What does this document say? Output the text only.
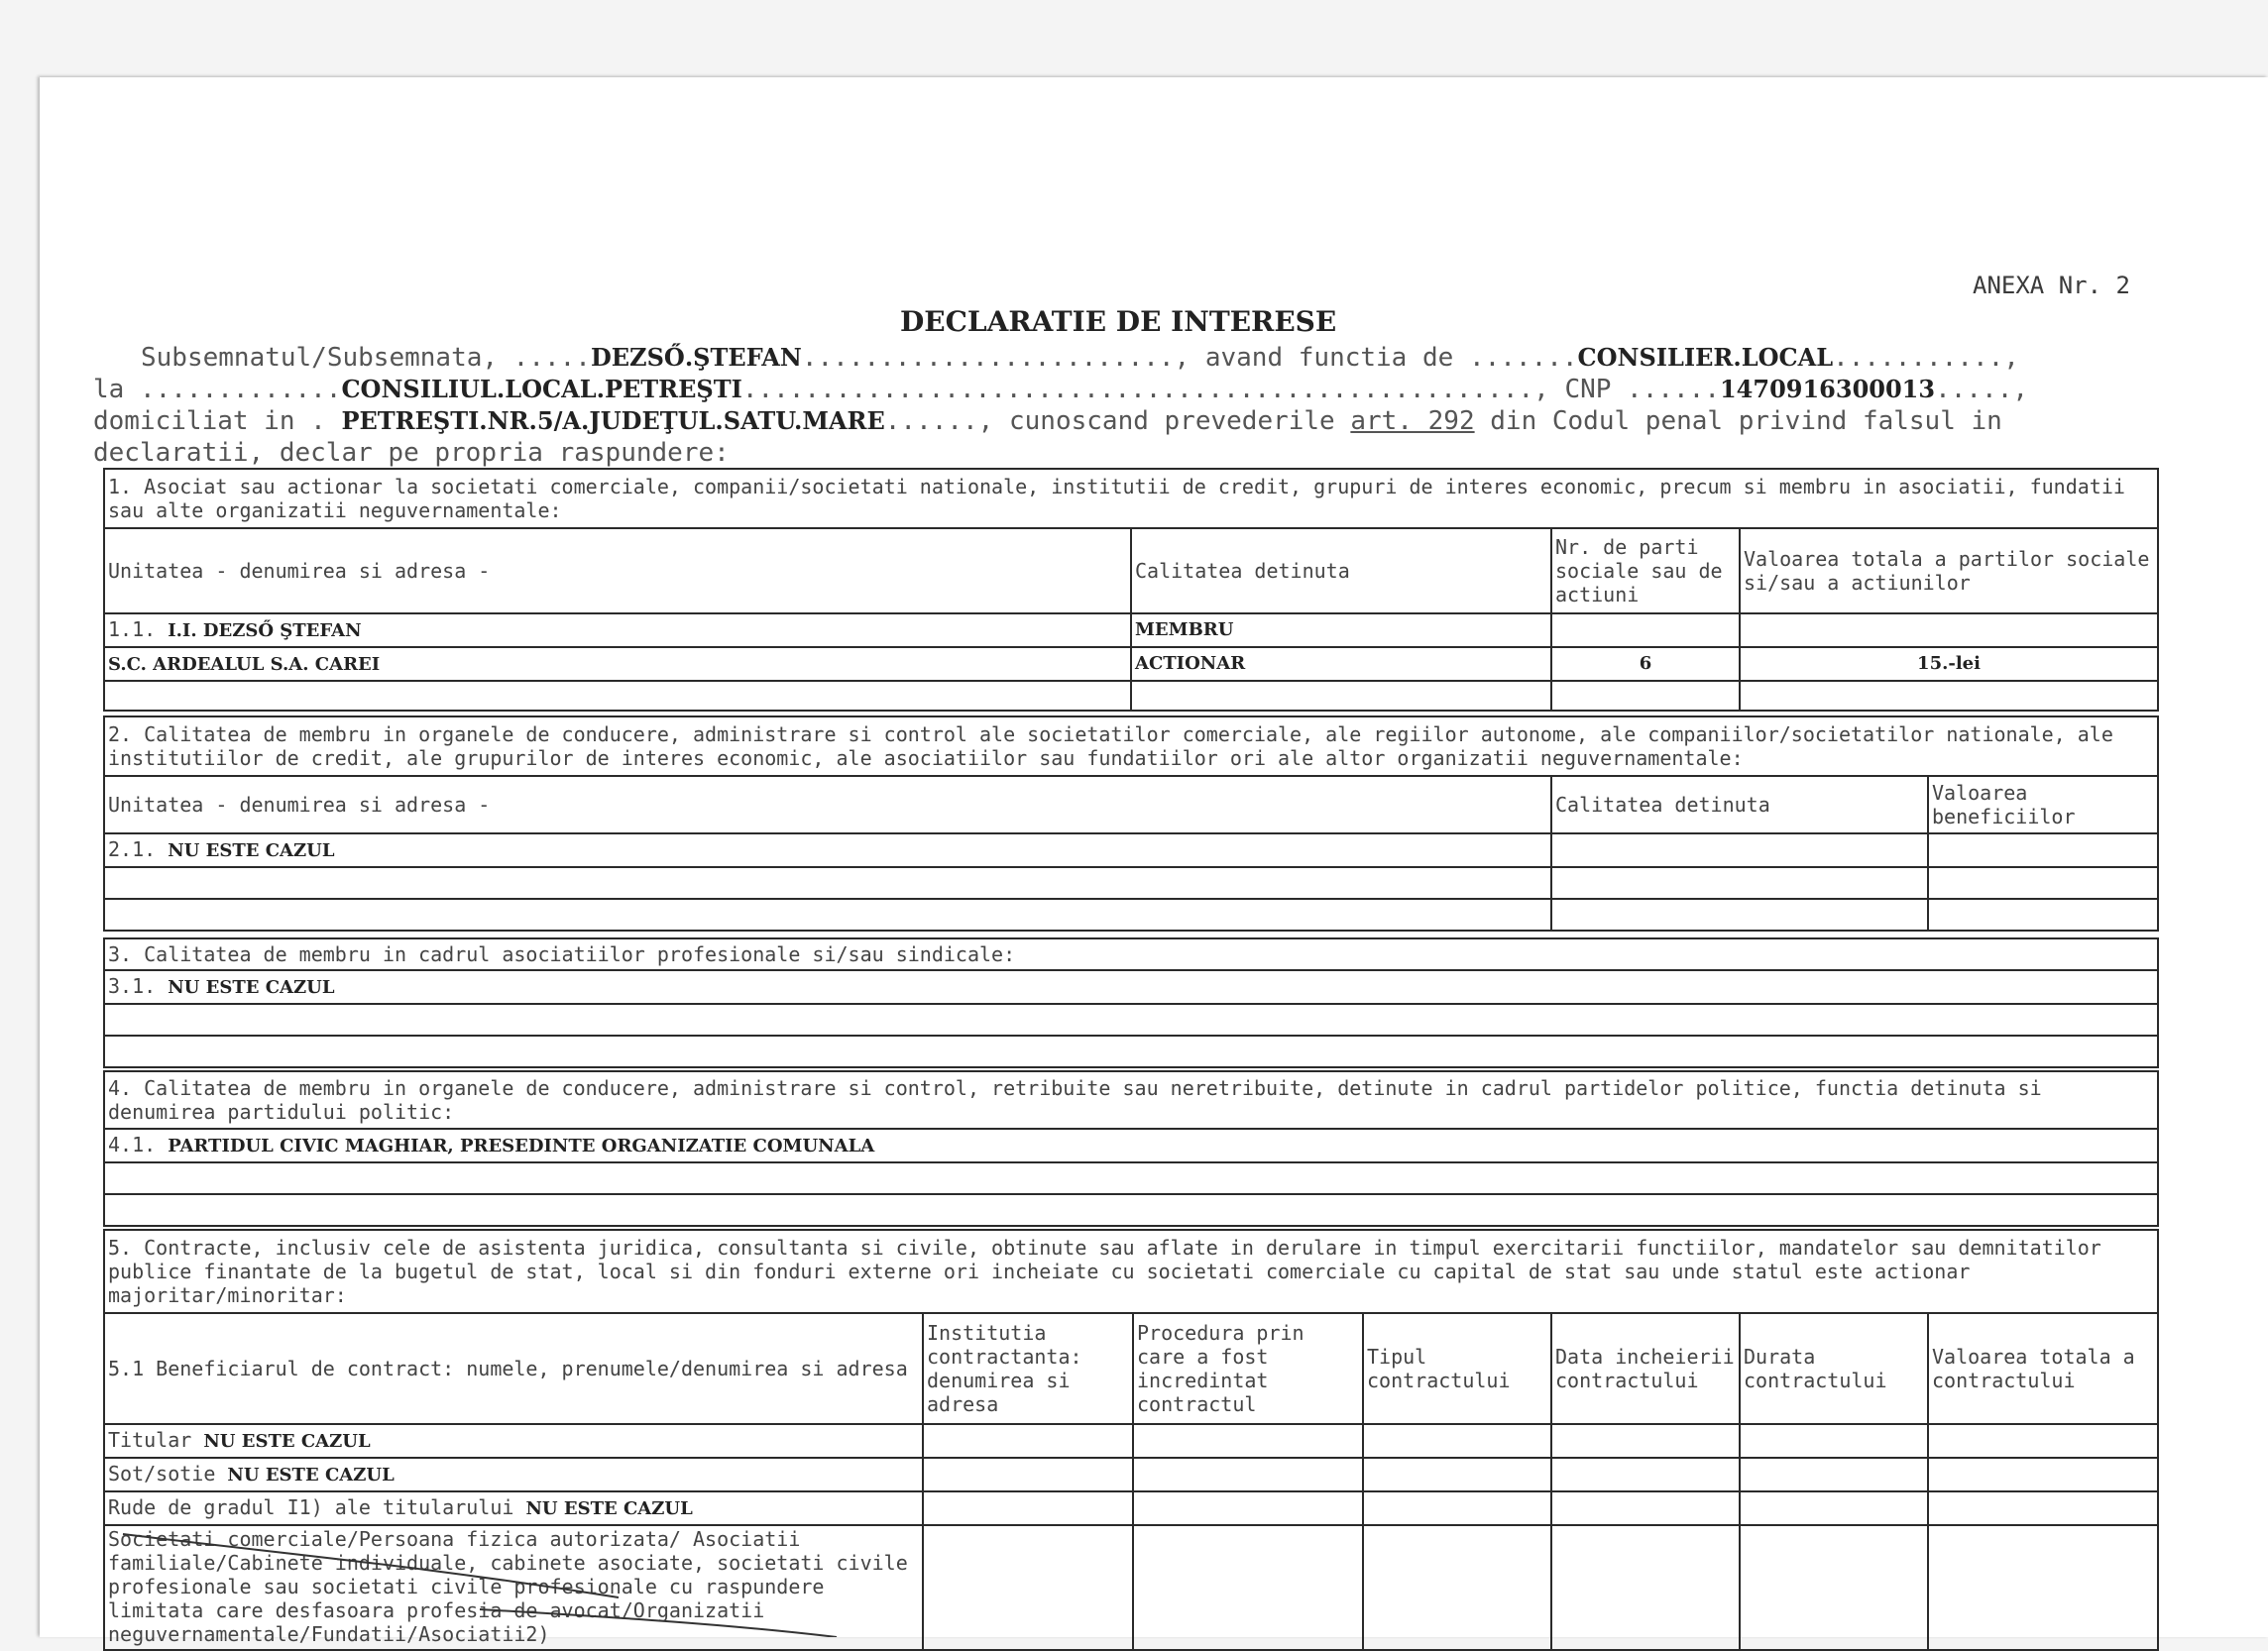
ANEXA Nr. 2
DECLARATIE DE INTERESE
Subsemnatul/Subsemnata, .....DEZSŐ.ŞTEFAN........................, avand functia de .......CONSILIER.LOCAL...........,
la .............CONSILIUL.LOCAL.PETREŞTI..................................................., CNP ......1470916300013.....,
domiciliat in . PETREŞTI.NR.5/A.JUDEŢUL.SATU.MARE......, cunoscand prevederile art. 292 din Codul penal privind falsul in
declaratii, declar pe propria raspundere:
1. Asociat sau actionar la societati comerciale, companii/societati nationale, institutii de credit, grupuri de interes economic, precum si membru in asociatii, fundatii sau alte organizatii neguvernamentale:			
Unitatea - denumirea si adresa -	Calitatea detinuta	Nr. de parti sociale sau de actiuni	Valoarea totala a partilor sociale si/sau a actiunilor
1.1. I.I. DEZSŐ ŞTEFAN	MEMBRU		
S.C. ARDEALUL S.A. CAREI	ACTIONAR	6	15.-lei

2. Calitatea de membru in organele de conducere, administrare si control ale societatilor comerciale, ale regiilor autonome, ale companiilor/societatilor nationale, ale institutiilor de credit, ale grupurilor de interes economic, ale asociatiilor sau fundatiilor ori ale altor organizatii neguvernamentale:		
Unitatea - denumirea si adresa -	Calitatea detinuta	Valoarea beneficiilor
2.1. NU ESTE CAZUL		

3. Calitatea de membru in cadrul asociatiilor profesionale si/sau sindicale:
3.1. NU ESTE CAZUL

4. Calitatea de membru in organele de conducere, administrare si control, retribuite sau neretribuite, detinute in cadrul partidelor politice, functia detinuta si denumirea partidului politic:
4.1. PARTIDUL CIVIC MAGHIAR, PRESEDINTE ORGANIZATIE COMUNALA

5. Contracte, inclusiv cele de asistenta juridica, consultanta si civile, obtinute sau aflate in derulare in timpul exercitarii functiilor, mandatelor sau demnitatilor publice finantate de la bugetul de stat, local si din fonduri externe ori incheiate cu societati comerciale cu capital de stat sau unde statul este actionar majoritar/minoritar:						
5.1 Beneficiarul de contract: numele, prenumele/denumirea si adresa	Institutia contractanta: denumirea si adresa	Procedura prin care a fost incredintat contractul	Tipul contractului	Data incheierii contractului	Durata contractului	Valoarea totala a contractului
Titular NU ESTE CAZUL						
Sot/sotie NU ESTE CAZUL						
Rude de gradul I1) ale titularului NU ESTE CAZUL						
Societati comerciale/Persoana fizica autorizata/ Asociatii familiale/Cabinete individuale, cabinete asociate, societati civile profesionale sau societati civile profesionale cu raspundere limitata care desfasoara profesia de avocat/Organizatii neguvernamentale/Fundatii/Asociatii2)						
